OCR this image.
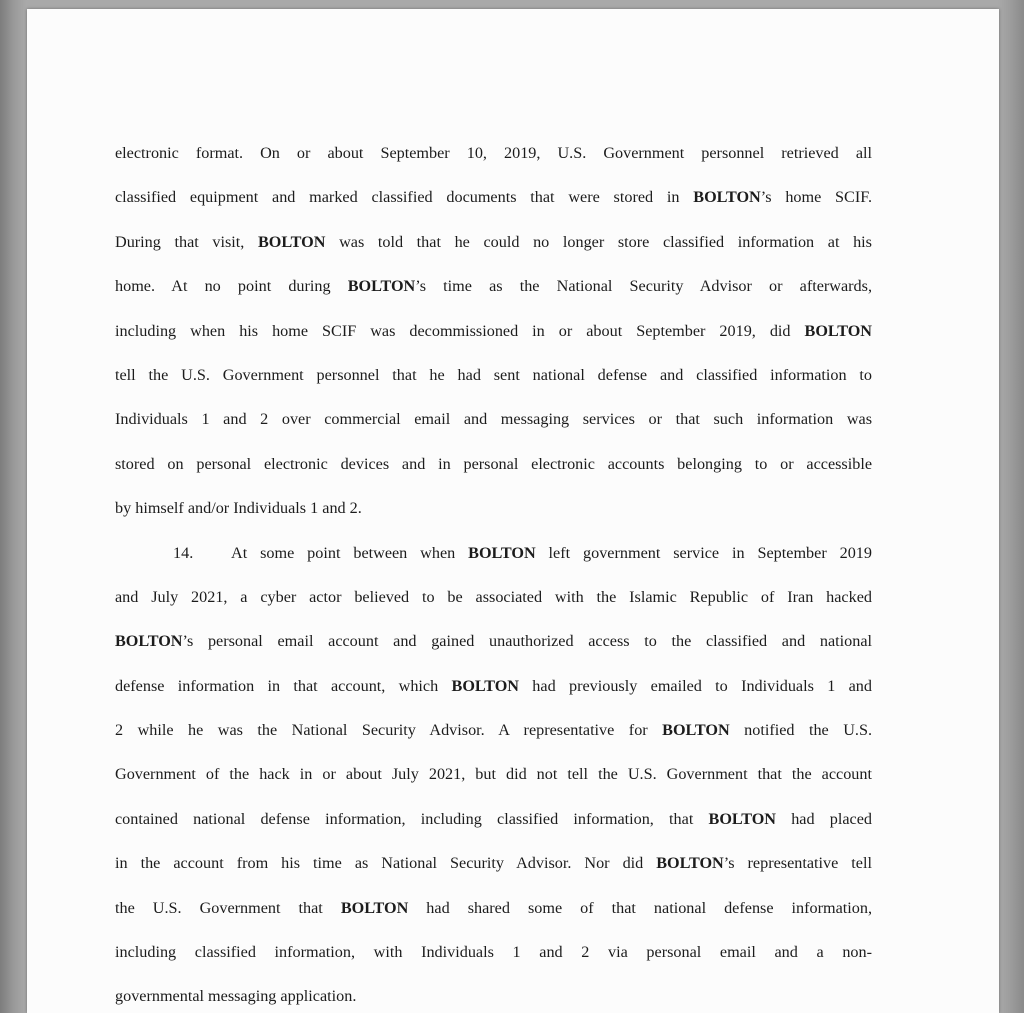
electronic format. On or about September 10, 2019, U.S. Government personnel retrieved all
classified equipment and marked classified documents that were stored in BOLTON’s home SCIF.
During that visit, BOLTON was told that he could no longer store classified information at his
home. At no point during BOLTON’s time as the National Security Advisor or afterwards,
including when his home SCIF was decommissioned in or about September 2019, did BOLTON
tell the U.S. Government personnel that he had sent national defense and classified information to
Individuals 1 and 2 over commercial email and messaging services or that such information was
stored on personal electronic devices and in personal electronic accounts belonging to or accessible
by himself and/or Individuals 1 and 2.
14. At some point between when BOLTON left government service in September 2019
and July 2021, a cyber actor believed to be associated with the Islamic Republic of Iran hacked
BOLTON’s personal email account and gained unauthorized access to the classified and national
defense information in that account, which BOLTON had previously emailed to Individuals 1 and
2 while he was the National Security Advisor. A representative for BOLTON notified the U.S.
Government of the hack in or about July 2021, but did not tell the U.S. Government that the account
contained national defense information, including classified information, that BOLTON had placed
in the account from his time as National Security Advisor. Nor did BOLTON’s representative tell
the U.S. Government that BOLTON had shared some of that national defense information,
including classified information, with Individuals 1 and 2 via personal email and a non-
governmental messaging application.
